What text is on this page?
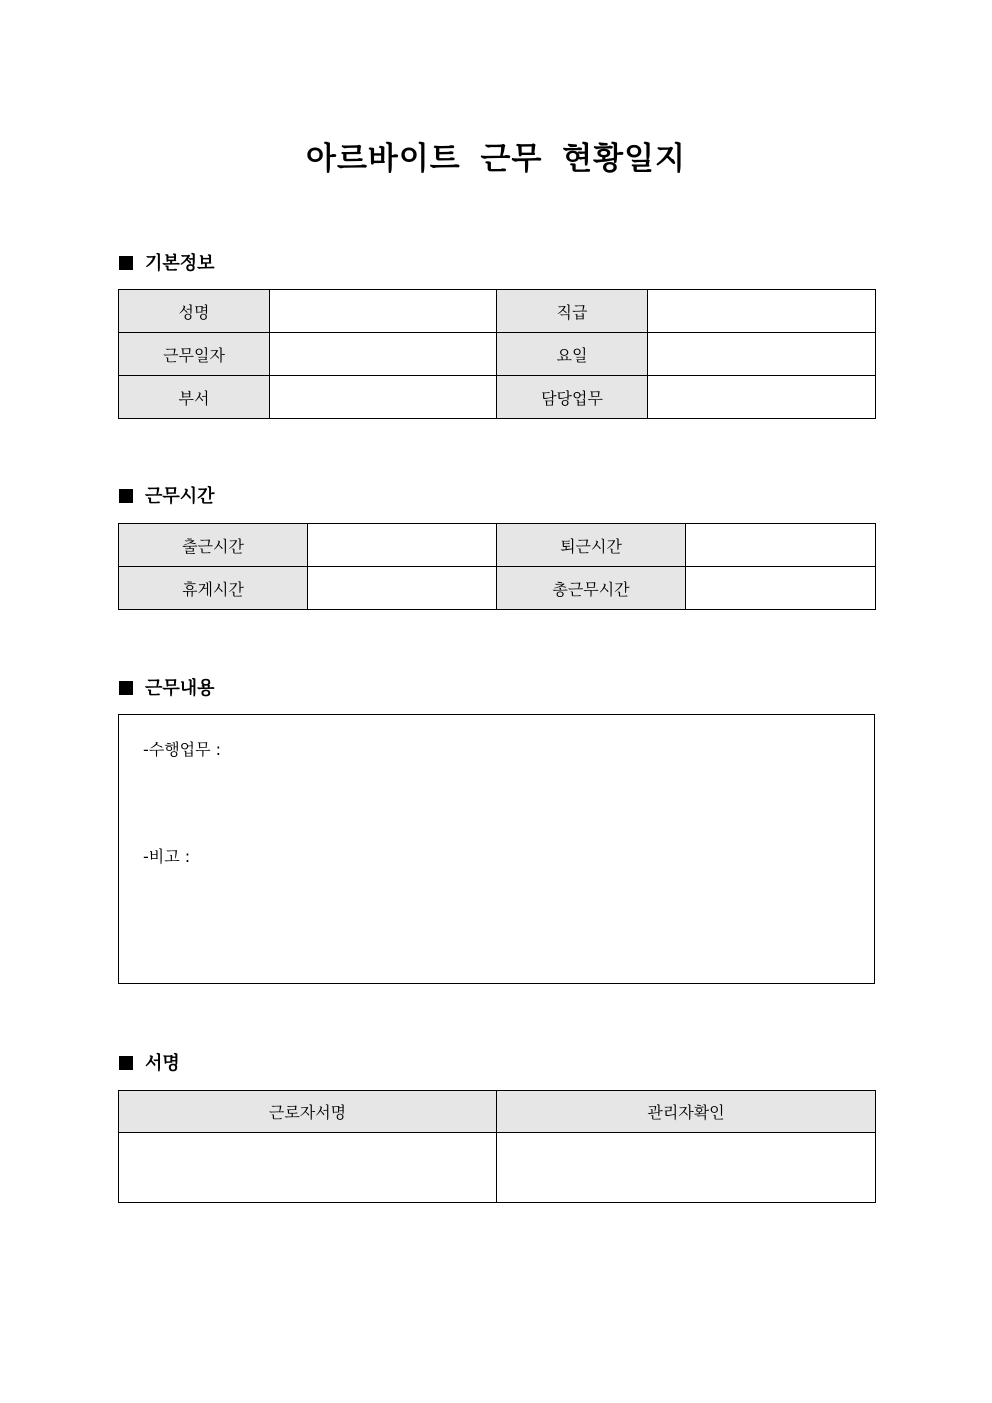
아르바이트 근무 현황일지
기본정보
성명		직급	
근무일자		요일	
부서		담당업무	
근무시간
출근시간		퇴근시간	
휴게시간		총근무시간	
근무내용
-수행업무 :
-비고 :
서명
근로자서명	관리자확인
